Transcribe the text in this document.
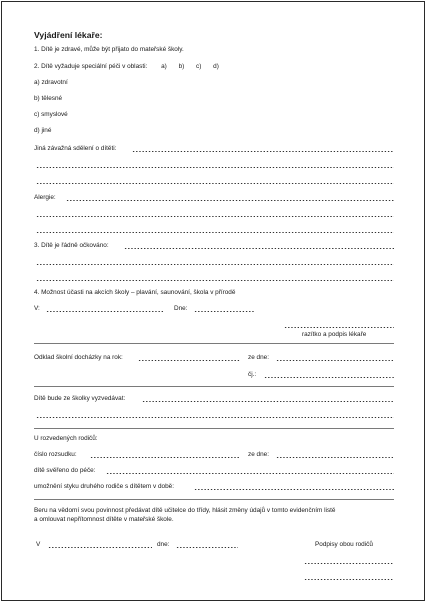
Vyjádření lékaře:
1. Dítě je zdravé, může být přijato do mateřské školy.
2. Dítě vyžaduje speciální péči v oblasti: a) b) c) d)
a) zdravotní
b) tělesné
c) smyslové
d) jiné
Jiná závažná sdělení o dítěti:
Alergie:
3. Dítě je řádně očkováno:
4. Možnost účasti na akcích školy – plavání, saunování, škola v přírodě
V:	Dne:
razítko a podpis lékaře
Odklad školní docházky na rok:	ze dne:
čj.:
Dítě bude ze školky vyzvedávat:
U rozvedených rodičů:
číslo rozsudku:	ze dne:
dítě svěřeno do péče:
umožnění styku druhého rodiče s dítětem v době:
Beru na vědomí svou povinnost předávat dítě učitelce do třídy, hlásit změny údajů v tomto evidenčním listě
a omlouvat nepřítomnost dítěte v mateřské škole.
V	dne:	Podpisy obou rodičů
